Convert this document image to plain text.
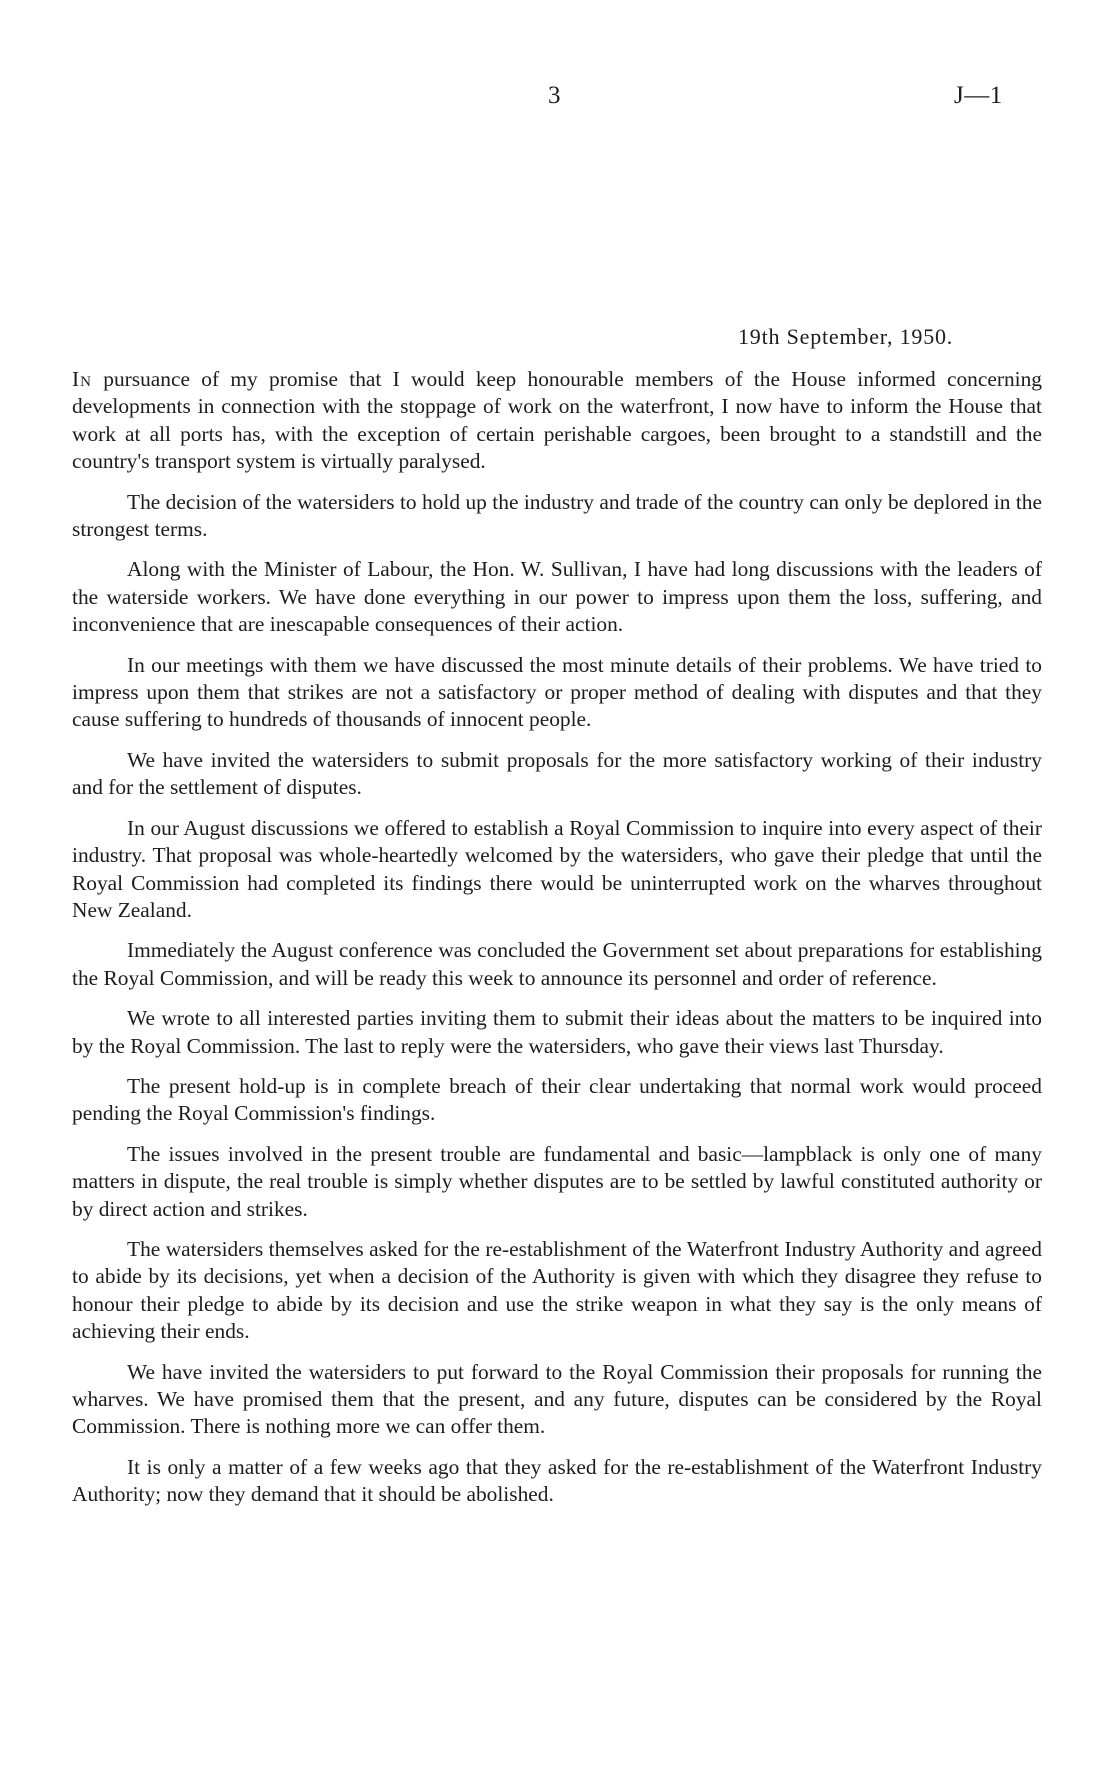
3	J—1
19th September, 1950.

In pursuance of my promise that I would keep honourable members of the House informed concerning developments in connection with the stoppage of work on the waterfront, I now have to inform the House that work at all ports has, with the exception of certain perishable cargoes, been brought to a standstill and the country's transport system is virtually paralysed.

The decision of the watersiders to hold up the industry and trade of the country can only be deplored in the strongest terms.

Along with the Minister of Labour, the Hon. W. Sullivan, I have had long discussions with the leaders of the waterside workers. We have done everything in our power to impress upon them the loss, suffering, and inconvenience that are inescapable consequences of their action.

In our meetings with them we have discussed the most minute details of their problems. We have tried to impress upon them that strikes are not a satisfactory or proper method of dealing with disputes and that they cause suffering to hundreds of thousands of innocent people.

We have invited the watersiders to submit proposals for the more satisfactory working of their industry and for the settlement of disputes.

In our August discussions we offered to establish a Royal Commission to inquire into every aspect of their industry. That proposal was whole-heartedly welcomed by the watersiders, who gave their pledge that until the Royal Commission had completed its findings there would be uninterrupted work on the wharves throughout New Zealand.

Immediately the August conference was concluded the Government set about preparations for establishing the Royal Commission, and will be ready this week to announce its personnel and order of reference.

We wrote to all interested parties inviting them to submit their ideas about the matters to be inquired into by the Royal Commission. The last to reply were the watersiders, who gave their views last Thursday.

The present hold-up is in complete breach of their clear undertaking that normal work would proceed pending the Royal Commission's findings.

The issues involved in the present trouble are fundamental and basic—lampblack is only one of many matters in dispute, the real trouble is simply whether disputes are to be settled by lawful constituted authority or by direct action and strikes.

The watersiders themselves asked for the re-establishment of the Waterfront Industry Authority and agreed to abide by its decisions, yet when a decision of the Authority is given with which they disagree they refuse to honour their pledge to abide by its decision and use the strike weapon in what they say is the only means of achieving their ends.

We have invited the watersiders to put forward to the Royal Commission their proposals for running the wharves. We have promised them that the present, and any future, disputes can be considered by the Royal Commission. There is nothing more we can offer them.

It is only a matter of a few weeks ago that they asked for the re-establishment of the Waterfront Industry Authority; now they demand that it should be abolished.
